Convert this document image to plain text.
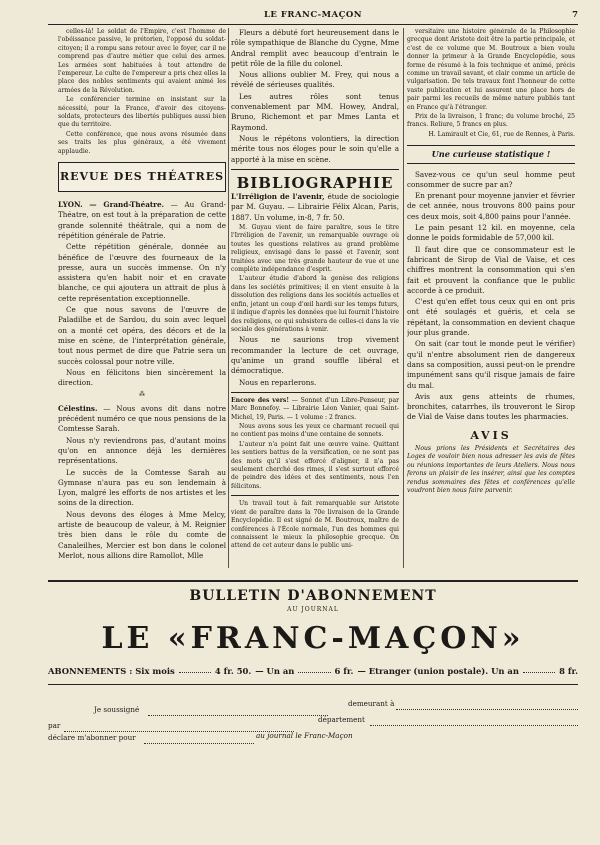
LE FRANC-MAÇON	7

celles-là! Le soldat de l'Empire, c'est l'homme de l'obéissance passive, le prétorien, l'opposé du soldat-citoyen; il a rompu sans retour avec le foyer, car il ne comprend pas d'autre métier que celui des armes. Les armées sont habituées à tout attendre de l'empereur. Le culte de l'empereur a pris chez elles la place des nobles sentiments qui avaient animé les armées de la Révolution.

Le conférencier termine en insistant sur la nécessité, pour la France, d'avoir des citoyens-soldats, protecteurs des libertés publiques aussi bien que du territoire.

Cette conférence, que nous avons résumée dans ses traits les plus généraux, a été vivement applaudie.

REVUE DES THÉATRES

LYON. — Grand-Théatre. — Au Grand-Théatre, on est tout à la préparation de cette grande solennité théâtrale, qui a nom de répétition générale de Patrie.

Cette répétition générale, donnée au bénéfice de l'œuvre des fourneaux de la presse, aura un succès immense. On n'y assistera qu'en habit noir et en cravate blanche, ce qui ajoutera un attrait de plus à cette représentation exceptionnelle.

Ce que nous savons de l'œuvre de Paladilhe et de Sardou, du soin avec lequel on a monté cet opéra, des décors et de la mise en scène, de l'interprétation générale, tout nous permet de dire que Patrie sera un succès colossal pour notre ville.

Nous en félicitons bien sincèrement la direction.

⁂

Célestins. — Nous avons dit dans notre précédent numéro ce que nous pensions de la Comtesse Sarah.

Nous n'y reviendrons pas, d'autant moins qu'on en annonce déjà les dernières représentations.

Le succès de la Comtesse Sarah au Gymnase n'aura pas eu son lendemain à Lyon, malgré les efforts de nos artistes et les soins de la direction.

Nous devons des éloges à Mme Melcy, artiste de beaucoup de valeur, à M. Reignier très bien dans le rôle du comte de Canaleilhes, Mercier est bon dans le colonel Merlot, nous allions dire Ramollot, Mlle

Fleurs a débuté fort heureusement dans le rôle sympathique de Blanche du Cygne, Mme Andral remplit avec beaucoup d'entrain le petit rôle de la fille du colonel.

Nous allions oublier M. Frey, qui nous a révélé de sérieuses qualités.

Les autres rôles sont tenus convenablement par MM. Howey, Andral, Bruno, Richemont et par Mmes Lanta et Raymond.

Nous le répétons volontiers, la direction mérite tous nos éloges pour le soin qu'elle a apporté à la mise en scène.

BIBLIOGRAPHIE

L'Irréligion de l'avenir, étude de sociologie par M. Guyau. — Librairie Félix Alcan, Paris, 1887. Un volume, in-8, 7 fr. 50.

M. Guyau vient de faire paraître, sous le titre l'Irréligion de l'avenir, un remarquable ouvrage où toutes les questions relatives au grand problème religieux, envisagé dans le passé et l'avenir, sont traitées avec une très grande hauteur de vue et une complète indépendance d'esprit.

L'auteur étudie d'abord la genèse des religions dans les sociétés primitives; il en vient ensuite à la dissolution des religions dans les sociétés actuelles et enfin, jetant un coup d'œil hardi sur les temps futurs, il indique d'après les données que lui fournit l'histoire des religions, ce qui subsistera de celles-ci dans la vie sociale des générations à venir.

Nous ne saurions trop vivement recommander la lecture de cet ouvrage, qu'anime un grand souffle libéral et démocratique.

Nous en reparlerons.

Encore des vers! — Sonnet d'un Libre-Penseur, par Marc Bonnefoy. — Librairie Léon Vanier, quai Saint-Michel, 19, Paris. — 1 volume : 2 francs.

Nous avons sous les yeux ce charmant recueil qui ne contient pas moins d'une centaine de sonnets.

L'auteur n'a point fait une œuvre vaine. Quittant les sentiers battus de la versification, ce ne sont pas des mots qu'il s'est efforcé d'aligner, il n'a pas seulement cherché des rimes, il s'est surtout efforcé de peindre des idées et des sentiments, nous l'en félicitons.

Un travail tout à fait remarquable sur Aristote vient de paraître dans la 70e livraison de la Grande Encyclopédie. Il est signé de M. Boutroux, maître de conférences à l'École normale, l'un des hommes qui connaissent le mieux la philosophie grecque. On attend de cet auteur dans le public uni-

versitaire une histoire générale de la Philosophie grecque dont Aristote doit être la partie principale, et c'est de ce volume que M. Boutroux a bien voulu donner la primeur à la Grande Encyclopédie, sous forme de résumé à la fois technique et animé, précis comme un travail savant, et clair comme un article de vulgarisation. De tels travaux font l'honneur de cette vaste publication et lui assurent une place hors de pair parmi les recueils de même nature publiés tant en France qu'à l'étranger.

Prix de la livraison, 1 franc; du volume broché, 25 francs. Reliure, 5 francs en plus.

H. Lamirault et Cie, 61, rue de Rennes, à Paris.

Une curieuse statistique !

Savez-vous ce qu'un seul homme peut consommer de sucre par an?

En prenant pour moyenne janvier et février de cet année, nous trouvons 800 pains pour ces deux mois, soit 4,800 pains pour l'année.

Le pain pesant 12 kil. en moyenne, cela donne le poids formidable de 57,000 kil.

Il faut dire que ce consommateur est le fabricant de Sirop de Vial de Vaise, et ces chiffres montrent la consommation qui s'en fait et prouvent la confiance que le public accorde à ce produit.

C'est qu'en effet tous ceux qui en ont pris ont été soulagés et guéris, et cela se répétant, la consommation en devient chaque jour plus grande.

On sait (car tout le monde peut le vérifier) qu'il n'entre absolument rien de dangereux dans sa composition, aussi peut-on le prendre impunément sans qu'il risque jamais de faire du mal.

Avis aux gens atteints de rhumes, bronchites, catarrhes, ils trouveront le Sirop de Vial de Vaise dans toutes les pharmacies.

AVIS

Nous prions les Présidents et Secrétaires des Loges de vouloir bien nous adresser les avis de fêtes ou réunions importantes de leurs Ateliers. Nous nous ferons un plaisir de les insérer, ainsi que les comptes rendus sommaires des fêtes et conférences qu'elle voudront bien nous faire parvenir.

BULLETIN D'ABONNEMENT
AU JOURNAL
LE «FRANC-MAÇON»
ABONNEMENTS : Six mois	4 fr. 50. — Un an	6 fr. — Etranger (union postale). Un an	8 fr.
Je soussigné
demeurant à
par
département
déclare m'abonner pour	au journal le Franc-Maçon
